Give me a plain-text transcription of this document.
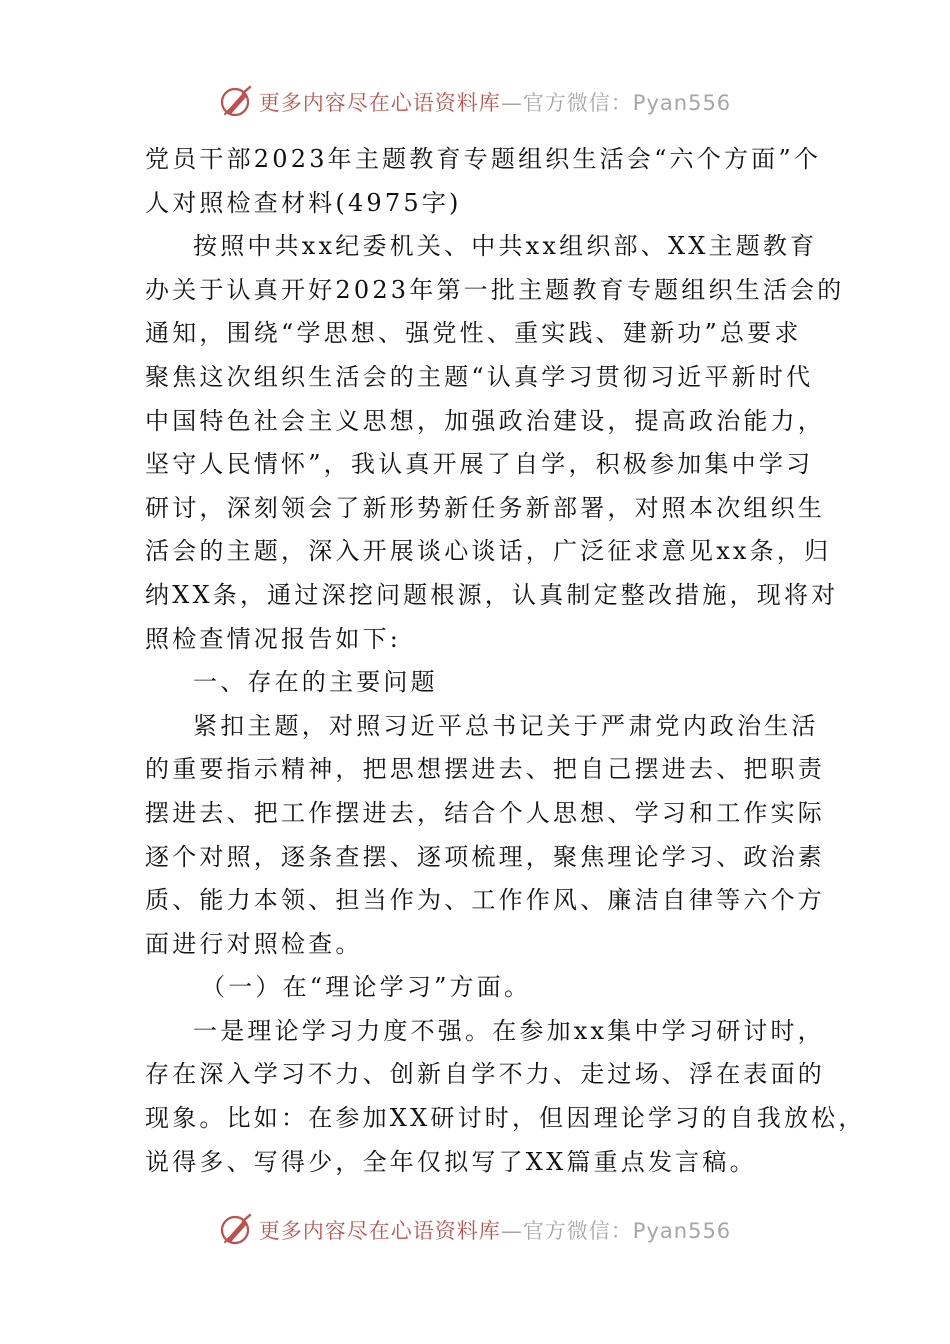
更多内容尽在心语资料库—官方微信：Pyan556
党员干部2023年主题教育专题组织生活会“六个方面”个
人对照检查材料(4975字)
按照中共xx纪委机关、中共xx组织部、XX主题教育
办关于认真开好2023年第一批主题教育专题组织生活会的
通知，围绕“学思想、强党性、重实践、建新功”总要求
聚焦这次组织生活会的主题“认真学习贯彻习近平新时代
中国特色社会主义思想，加强政治建设，提高政治能力，
坚守人民情怀”，我认真开展了自学，积极参加集中学习
研讨，深刻领会了新形势新任务新部署，对照本次组织生
活会的主题，深入开展谈心谈话，广泛征求意见xx条，归
纳XX条，通过深挖问题根源，认真制定整改措施，现将对
照检查情况报告如下:
一、存在的主要问题
紧扣主题，对照习近平总书记关于严肃党内政治生活
的重要指示精神，把思想摆进去、把自己摆进去、把职责
摆进去、把工作摆进去，结合个人思想、学习和工作实际
逐个对照，逐条查摆、逐项梳理，聚焦理论学习、政治素
质、能力本领、担当作为、工作作风、廉洁自律等六个方
面进行对照检查。
（一）在“理论学习”方面。
一是理论学习力度不强。在参加xx集中学习研讨时，
存在深入学习不力、创新自学不力、走过场、浮在表面的
现象。比如：在参加XX研讨时，但因理论学习的自我放松，
说得多、写得少，全年仅拟写了XX篇重点发言稿。
更多内容尽在心语资料库—官方微信：Pyan556
